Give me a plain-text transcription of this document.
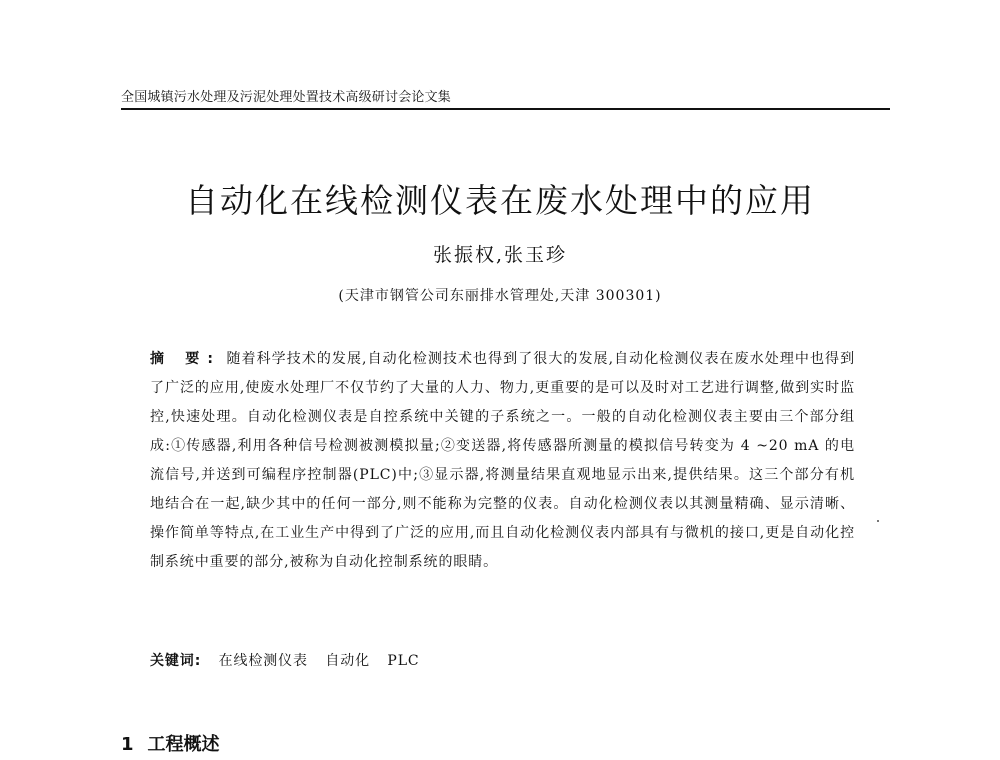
全国城镇污水处理及污泥处理处置技术高级研讨会论文集
自动化在线检测仪表在废水处理中的应用
张振权,张玉珍
(天津市钢管公司东丽排水管理处,天津 300301)
摘 要: 随着科学技术的发展,自动化检测技术也得到了很大的发展,自动化检测仪表在废水处理中也得到了广泛的应用,使废水处理厂不仅节约了大量的人力、物力,更重要的是可以及时对工艺进行调整,做到实时监控,快速处理。自动化检测仪表是自控系统中关键的子系统之一。一般的自动化检测仪表主要由三个部分组成:①传感器,利用各种信号检测被测模拟量;②变送器,将传感器所测量的模拟信号转变为 4 ~20 mA 的电流信号,并送到可编程序控制器(PLC)中;③显示器,将测量结果直观地显示出来,提供结果。这三个部分有机地结合在一起,缺少其中的任何一部分,则不能称为完整的仪表。自动化检测仪表以其测量精确、显示清晰、操作简单等特点,在工业生产中得到了广泛的应用,而且自动化检测仪表内部具有与微机的接口,更是自动化控制系统中重要的部分,被称为自动化控制系统的眼睛。
关键词: 在线检测仪表 自动化 PLC
1 工程概述
